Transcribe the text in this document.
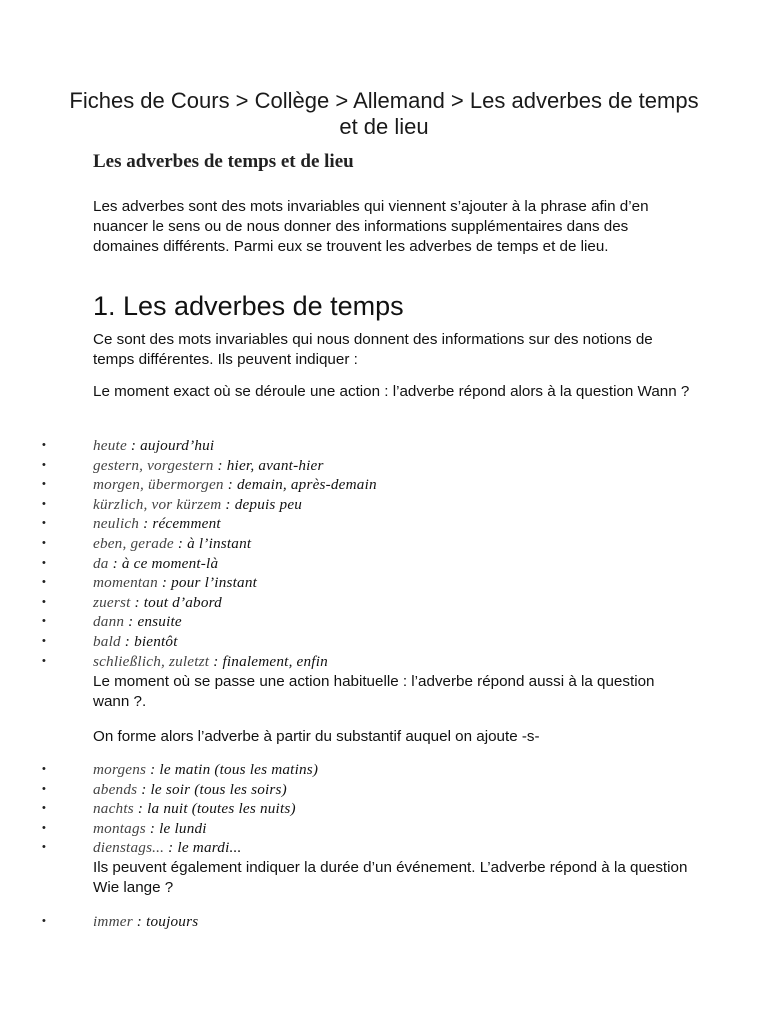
Fiches de Cours > Collège > Allemand > Les adverbes de temps et de lieu
Les adverbes de temps et de lieu
Les adverbes sont des mots invariables qui viennent s’ajouter à la phrase afin d’en nuancer le sens ou de nous donner des informations supplémentaires dans des domaines différents. Parmi eux se trouvent les adverbes de temps et de lieu.
1. Les adverbes de temps
Ce sont des mots invariables qui nous donnent des informations sur des notions de temps différentes. Ils peuvent indiquer :
Le moment exact où se déroule une action : l’adverbe répond alors à la question Wann ?
•	heute : aujourd’hui
•	gestern, vorgestern : hier, avant-hier
•	morgen, übermorgen : demain, après-demain
•	kürzlich, vor kürzem : depuis peu
•	neulich : récemment
•	eben, gerade : à l’instant
•	da : à ce moment-là
•	momentan : pour l’instant
•	zuerst : tout d’abord
•	dann : ensuite
•	bald : bientôt
•	schließlich, zuletzt : finalement, enfin
Le moment où se passe une action habituelle : l’adverbe répond aussi à la question wann ?.
On forme alors l’adverbe à partir du substantif auquel on ajoute -s-
•	morgens : le matin (tous les matins)
•	abends : le soir (tous les soirs)
•	nachts : la nuit (toutes les nuits)
•	montags : le lundi
•	dienstags... : le mardi...
Ils peuvent également indiquer la durée d’un événement. L’adverbe répond à la question Wie lange ?
•	immer : toujours
